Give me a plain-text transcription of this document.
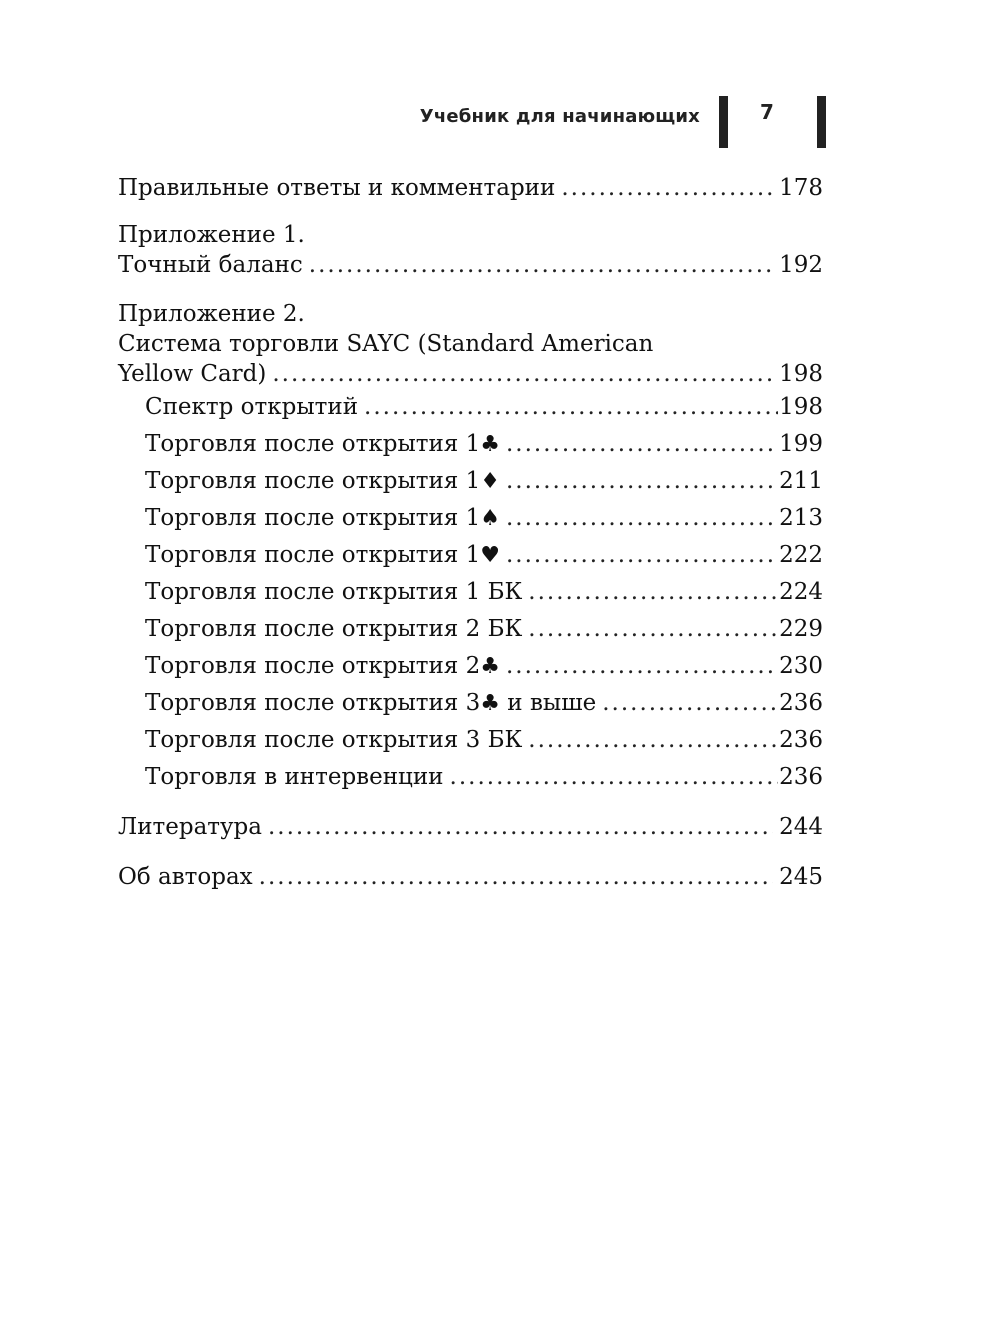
Учебник для начинающих	7
Правильные ответы и комментарии .....	178
Приложение 1.
Точный баланс .....	192
Приложение 2.
Система торговли SAYC (Standard American
Yellow Card) .....	198
Спектр открытий .....	198
Торговля после открытия 1♣ .....	199
Торговля после открытия 1♦ .....	211
Торговля после открытия 1♠ .....	213
Торговля после открытия 1♥ .....	222
Торговля после открытия 1 БК .....	224
Торговля после открытия 2 БК .....	229
Торговля после открытия 2♣ .....	230
Торговля после открытия 3♣ и выше .....	236
Торговля после открытия 3 БК .....	236
Торговля в интервенции .....	236
Литература .....	244
Об авторах .....	245
